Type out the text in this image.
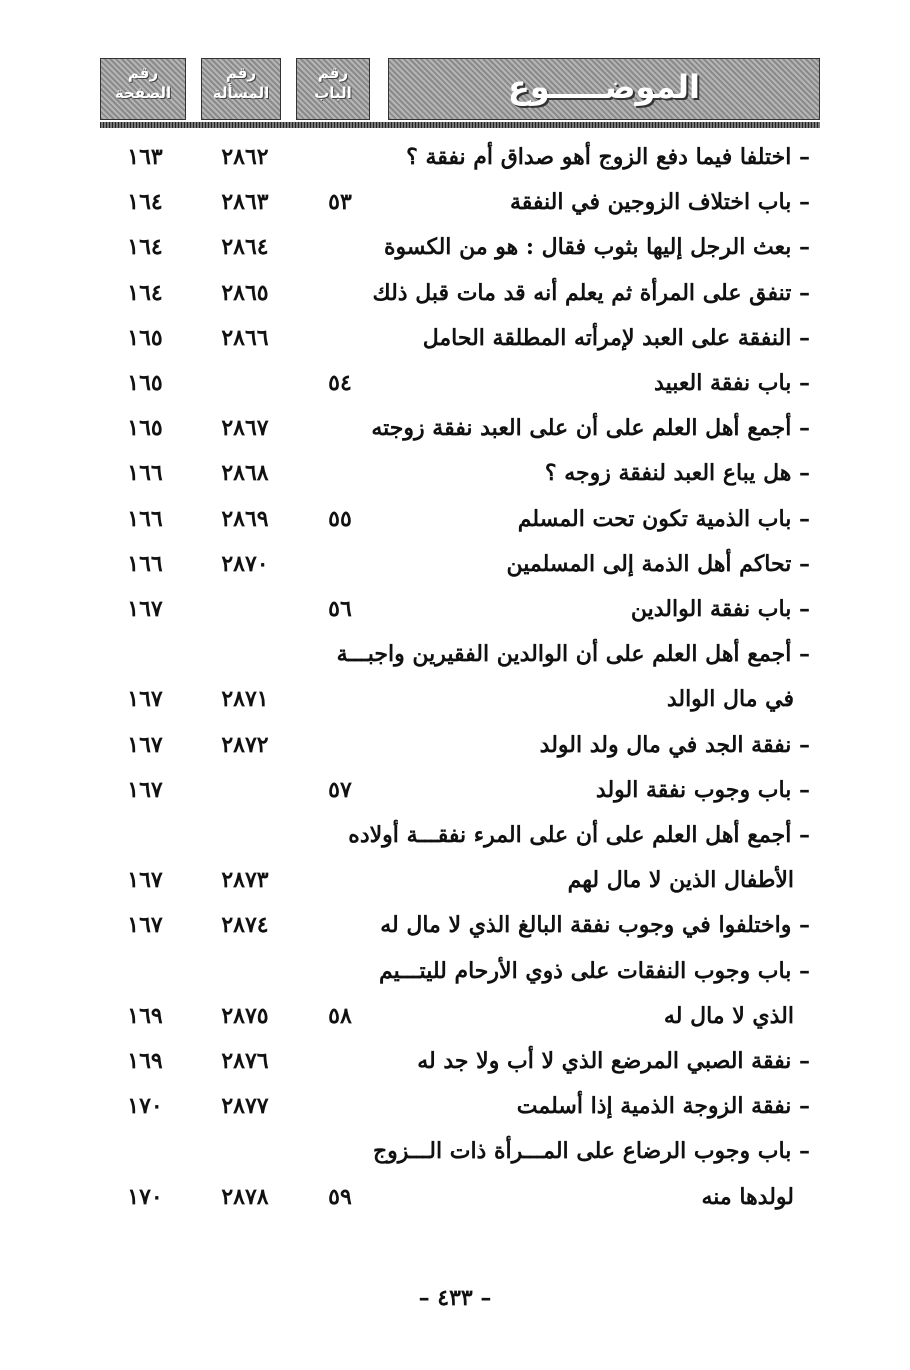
رقم
الصفحة
رقم
المسألة
رقم
الباب	الموضـــــوع
– اختلفا فيما دفع الزوج أهو صداق أم نفقة ؟
٢٨٦٢
١٦٣
– باب اختلاف الزوجين في النفقة
٥٣
٢٨٦٣
١٦٤
– بعث الرجل إليها بثوب فقال : هو من الكسوة
٢٨٦٤
١٦٤
– تنفق على المرأة ثم يعلم أنه قد مات قبل ذلك
٢٨٦٥
١٦٤
– النفقة على العبد لإمرأته المطلقة الحامل
٢٨٦٦
١٦٥
– باب نفقة العبيد
٥٤
١٦٥
– أجمع أهل العلم على أن على العبد نفقة زوجته
٢٨٦٧
١٦٥
– هل يباع العبد لنفقة زوجه ؟
٢٨٦٨
١٦٦
– باب الذمية تكون تحت المسلم
٥٥
٢٨٦٩
١٦٦
– تحاكم أهل الذمة إلى المسلمين
٢٨٧٠
١٦٦
– باب نفقة الوالدين
٥٦
١٦٧
– أجمع أهل العلم على أن الوالدين الفقيرين واجبـــة
في مال الوالد
٢٨٧١
١٦٧
– نفقة الجد في مال ولد الولد
٢٨٧٢
١٦٧
– باب وجوب نفقة الولد
٥٧
١٦٧
– أجمع أهل العلم على أن على المرء نفقـــة أولاده
الأطفال الذين لا مال لهم
٢٨٧٣
١٦٧
– واختلفوا في وجوب نفقة البالغ الذي لا مال له
٢٨٧٤
١٦٧
– باب وجوب النفقات على ذوي الأرحام لليتـــيم
الذي لا مال له
٥٨
٢٨٧٥
١٦٩
– نفقة الصبي المرضع الذي لا أب ولا جد له
٢٨٧٦
١٦٩
– نفقة الزوجة الذمية إذا أسلمت
٢٨٧٧
١٧٠
– باب وجوب الرضاع على المـــرأة ذات الـــزوج
لولدها منه
٥٩
٢٨٧٨
١٧٠
– ٤٣٣ –
